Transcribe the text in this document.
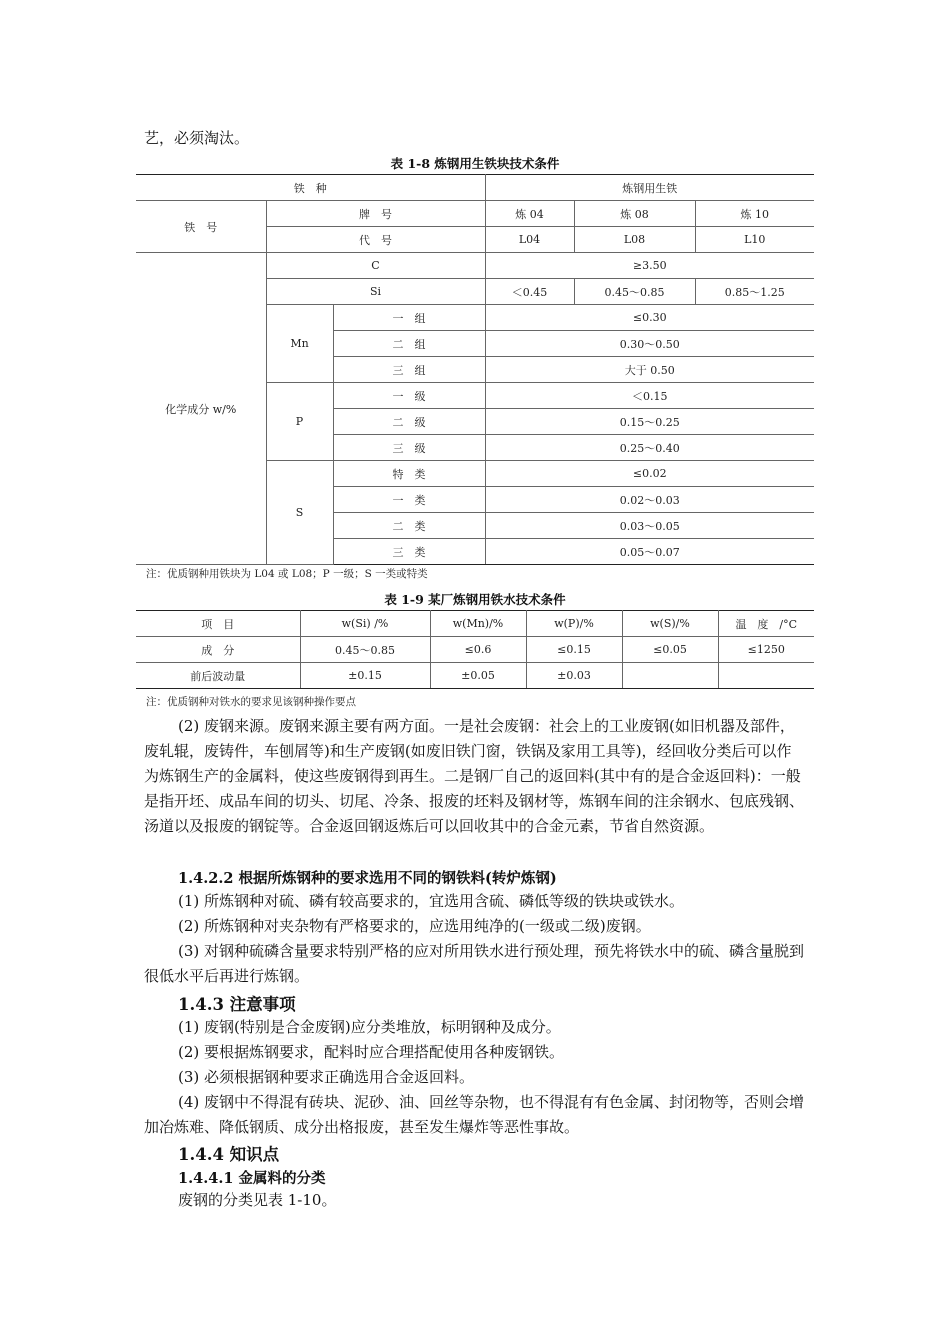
艺，必须淘汰。

表 1-8 炼钢用生铁块技术条件
铁　种			炼钢用生铁		
铁　号	牌　号		炼 04	炼 08	炼 10
	代　号		L04	L08	L10
化学成分 w/%	C		≥3.50		
	Si		＜0.45	0.45～0.85	0.85～1.25
	Mn	一　组	≤0.30		
		二　组	0.30～0.50		
		三　组	大于 0.50		
	P	一　级	＜0.15		
		二　级	0.15～0.25		
		三　级	0.25～0.40		
	S	特　类	≤0.02		
		一　类	0.02～0.03		
		二　类	0.03～0.05		
		三　类	0.05～0.07		
注：优质钢种用铁块为 L04 或 L08；P 一级；S 一类或特类
表 1-9 某厂炼钢用铁水技术条件
项　目	w(Si) /%	w(Mn)/%	w(P)/%	w(S)/%	温　度　/°C
成　分	0.45～0.85	≤0.6	≤0.15	≤0.05	≤1250
前后波动量	±0.15	±0.05	±0.03		
注：优质钢种对铁水的要求见该钢种操作要点

(2) 废钢来源。废钢来源主要有两方面。一是社会废钢：社会上的工业废钢(如旧机器及部件，废轧辊，废铸件，车刨屑等)和生产废钢(如废旧铁门窗，铁锅及家用工具等)，经回收分类后可以作为炼钢生产的金属料，使这些废钢得到再生。二是钢厂自己的返回料(其中有的是合金返回料)：一般是指开坯、成品车间的切头、切尾、冷条、报废的坯料及钢材等，炼钢车间的注余钢水、包底残钢、汤道以及报废的钢锭等。合金返回钢返炼后可以回收其中的合金元素，节省自然资源。

1.4.2.2 根据所炼钢种的要求选用不同的钢铁料(转炉炼钢)

(1) 所炼钢种对硫、磷有较高要求的，宜选用含硫、磷低等级的铁块或铁水。

(2) 所炼钢种对夹杂物有严格要求的，应选用纯净的(一级或二级)废钢。

(3) 对钢种硫磷含量要求特别严格的应对所用铁水进行预处理，预先将铁水中的硫、磷含量脱到很低水平后再进行炼钢。

1.4.3 注意事项

(1) 废钢(特别是合金废钢)应分类堆放，标明钢种及成分。

(2) 要根据炼钢要求，配料时应合理搭配使用各种废钢铁。

(3) 必须根据钢种要求正确选用合金返回料。

(4) 废钢中不得混有砖块、泥砂、油、回丝等杂物，也不得混有有色金属、封闭物等，否则会增加冶炼难、降低钢质、成分出格报废，甚至发生爆炸等恶性事故。

1.4.4 知识点

1.4.4.1 金属料的分类

废钢的分类见表 1-10。
